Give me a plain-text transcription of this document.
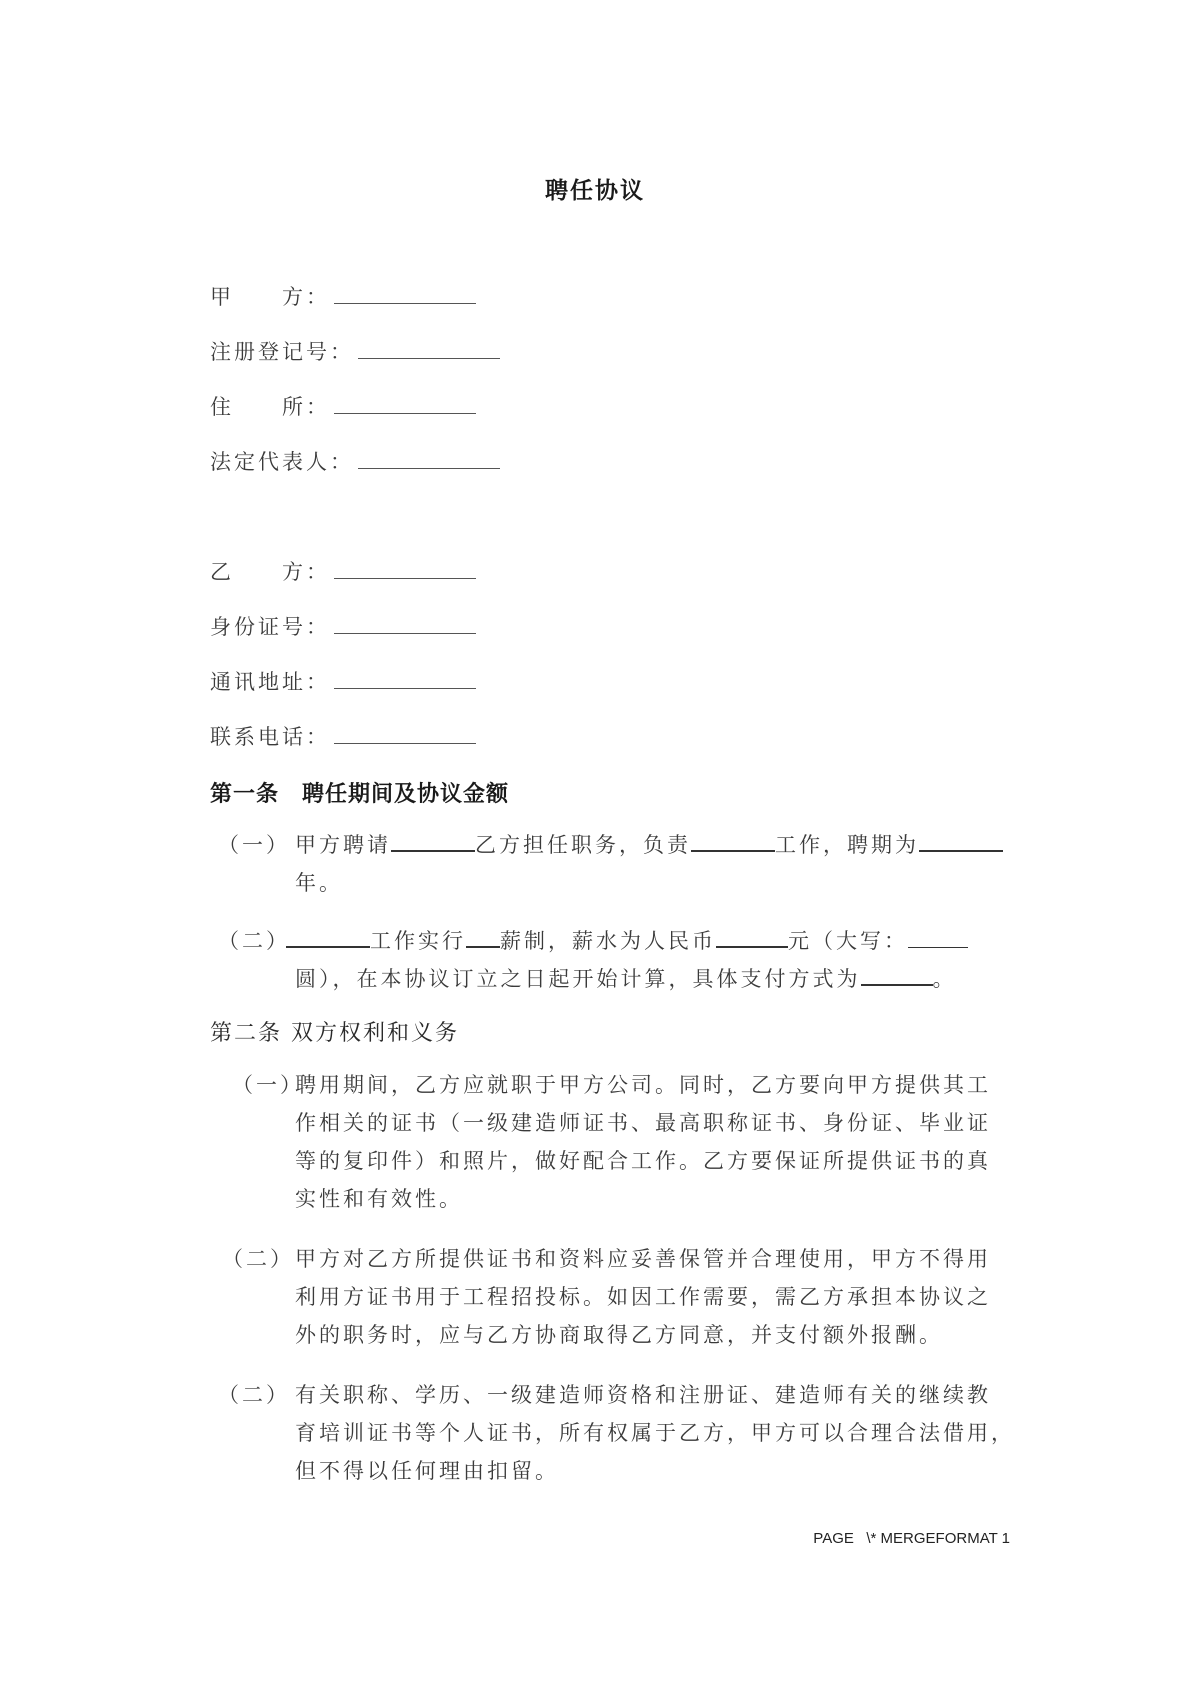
聘任协议
甲　　方：
注册登记号：
住　　所：
法定代表人：
乙　　方：
身份证号：
通讯地址：
联系电话：
第一条　聘任期间及协议金额
（一） 甲方聘请	乙方担任职务，负责	工作，聘期为
年。
（二）	工作实行 薪制，薪水为人民币	元（大写：
圆），在本协议订立之日起开始计算，具体支付方式为	。
第二条 双方权利和义务
（一）
聘用期间，乙方应就职于甲方公司。同时，乙方要向甲方提供其工
作相关的证书（一级建造师证书、最高职称证书、身份证、毕业证
等的复印件）和照片，做好配合工作。乙方要保证所提供证书的真
实性和有效性。
（二） 甲方对乙方所提供证书和资料应妥善保管并合理使用，甲方不得用
利用方证书用于工程招投标。如因工作需要，需乙方承担本协议之
外的职务时，应与乙方协商取得乙方同意，并支付额外报酬。
（二） 有关职称、学历、一级建造师资格和注册证、建造师有关的继续教
育培训证书等个人证书，所有权属于乙方，甲方可以合理合法借用，
但不得以任何理由扣留。
PAGE   \* MERGEFORMAT 1
